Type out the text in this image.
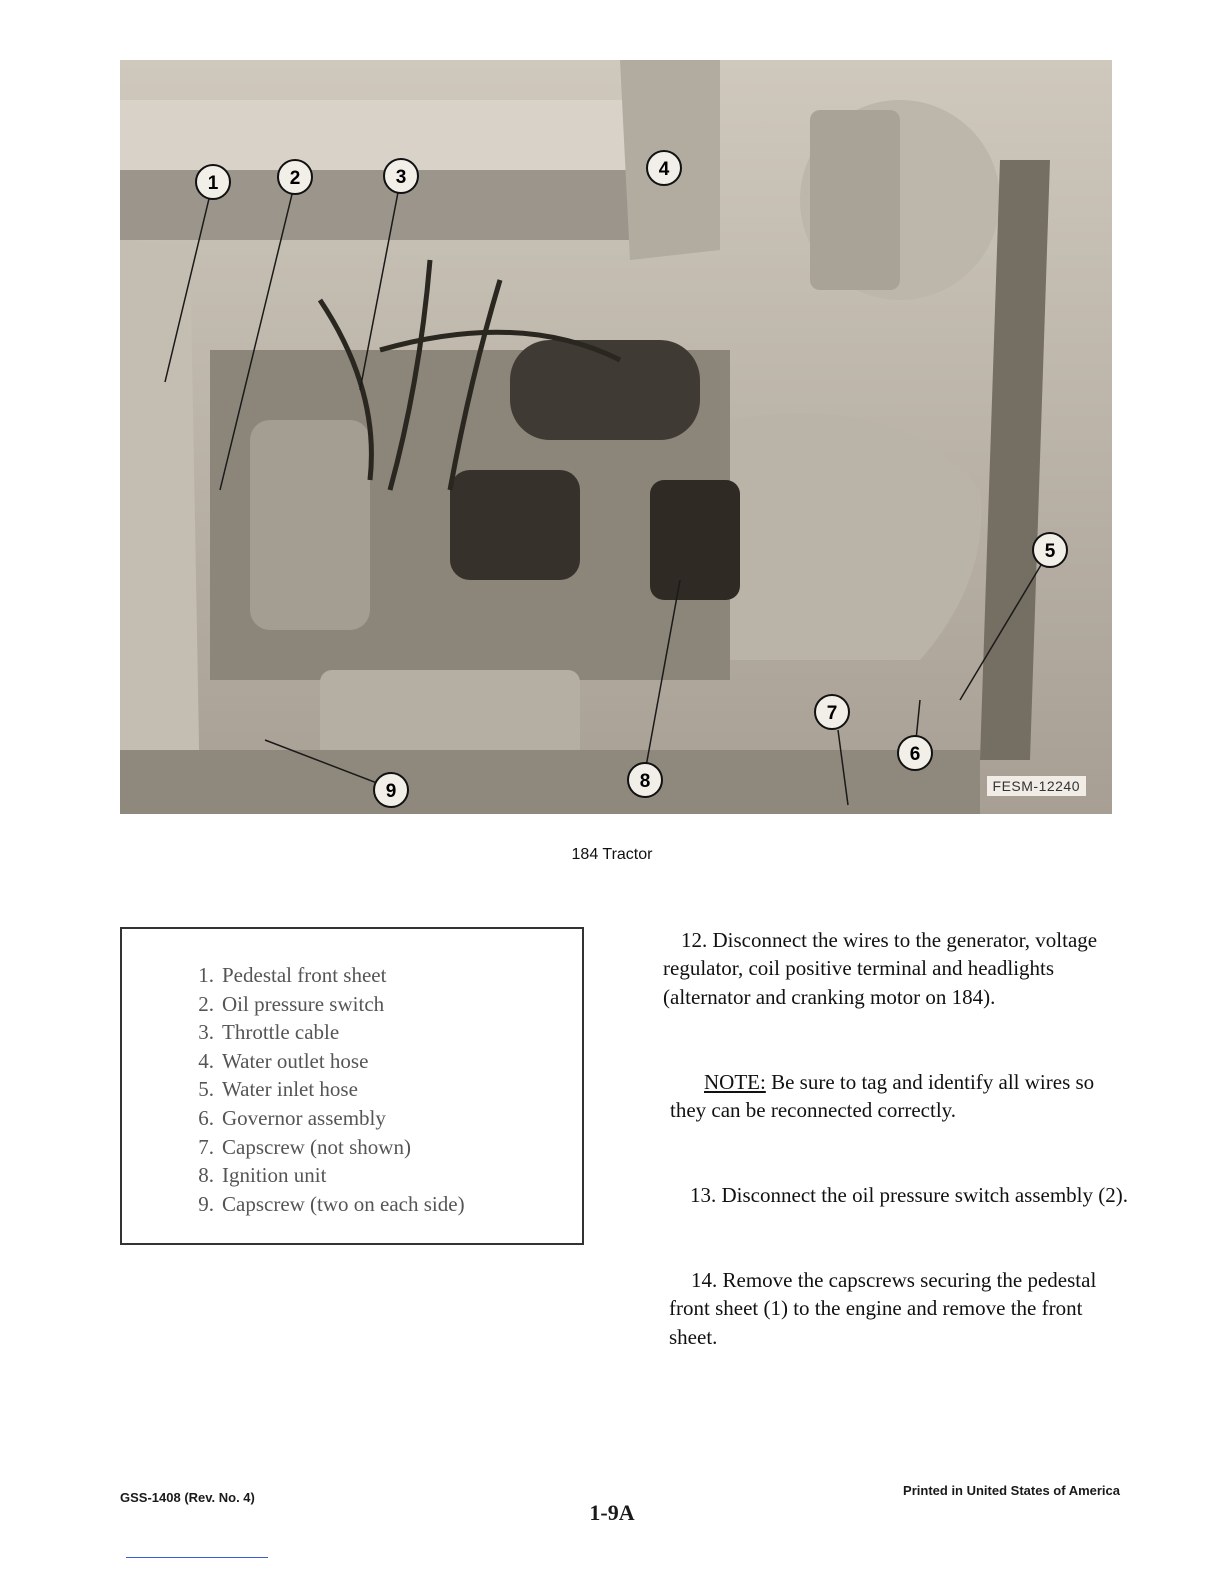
1	2	3	4
5
6
7
8
9	FESM-12240
184 Tractor
1. Pedestal front sheet
2. Oil pressure switch
3. Throttle cable
4. Water outlet hose
5. Water inlet hose
6. Governor assembly
7. Capscrew (not shown)
8. Ignition unit
9. Capscrew (two on each side)

12. Disconnect the wires to the generator, voltage regulator, coil positive terminal and headlights (alternator and cranking motor on 184).

NOTE: Be sure to tag and identify all wires so they can be reconnected correctly.

13. Disconnect the oil pressure switch assembly (2).

14. Remove the capscrews securing the pedestal front sheet (1) to the engine and remove the front sheet.

GSS-1408 (Rev. No. 4)
1-9A
Printed in United States of America
